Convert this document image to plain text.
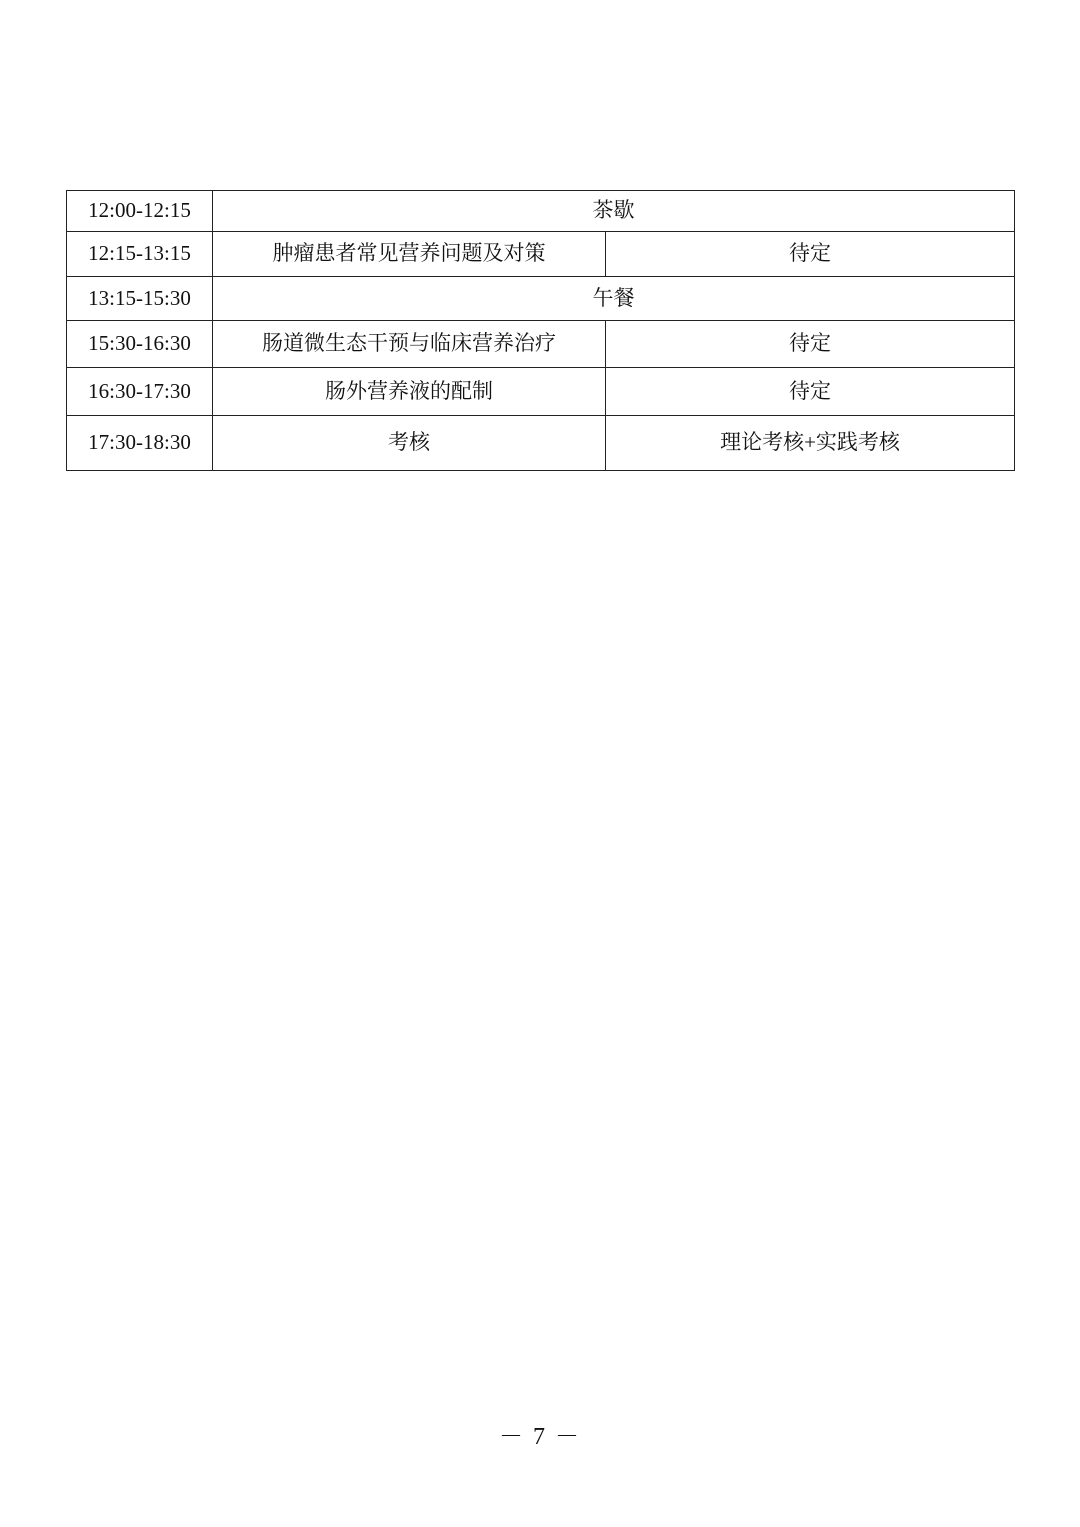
12:00-12:15	茶歇	
12:15-13:15	肿瘤患者常见营养问题及对策	待定
13:15-15:30	午餐	
15:30-16:30	肠道微生态干预与临床营养治疗	待定
16:30-17:30	肠外营养液的配制	待定
17:30-18:30	考核	理论考核+实践考核
－ 7 －
